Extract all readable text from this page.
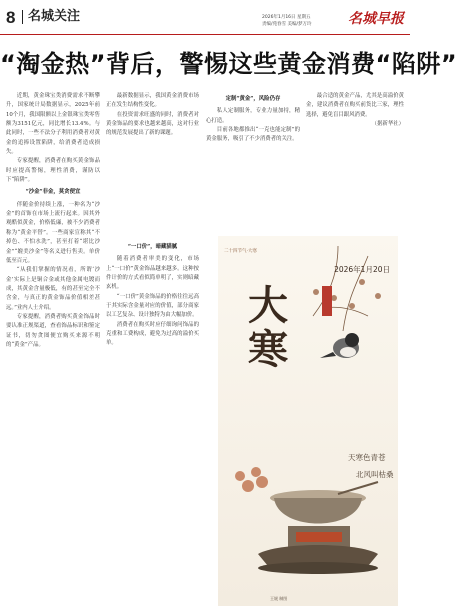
8 名城关注	2026年1月16日 星期五
责编/苑春雪 美编/梦万玲	名城早报
“淘金热”背后，警惕这些黄金消费“陷阱”

近期，黄金珠宝类消费需求不断攀升，国家统计局数据显示，2025年前10个月，我国限额以上金银珠宝类零售额为3151亿元，同比增长13.4%。与此同时，一些不法分子利用消费者对黄金的追捧设置陷阱，给消费者造成损失。

专家提醒，消费者在购买黄金饰品时应提高警惕，理性消费，谨防以下“陷阱”。

“沙金”非金，莫贪便宜

伴随金价持续上涨，一种名为“沙金”的首饰在市场上流行起来。因其外观酷似黄金，价格低廉，被不少消费者称为“黄金平替”。一些商家宣称其“不掉色、不怕水洗”，甚至打着“堪比沙金”“媲美沙金”等名义进行售卖。单价低至百元。

“从我们掌握的情况看，所谓‘沙金’实际上是铜合金或其他金属电镀而成，其黄金含量极低，有的甚至完全不含金，与真正的黄金饰品价值相差甚远。”业内人士介绍。

专家提醒，消费者购买黄金饰品时要认准正规渠道，查看饰品标识和鉴定证书，切勿贪图便宜购买来源不明的“黄金”产品。

最新数据显示，我国黄金消费市场正在发生结构性变化。

在投资需求旺盛的同时，消费者对黄金饰品的要求也越来越高，这对行业的规范发展提出了新的课题。

定制“黄金”，风险仍存

私人定制服务，专业力量加持，精心打造。

目前各地都推出“一克也能定制”的黄金服务，吸引了不少消费者的关注。

最合适的黄金产品，尤其是高溢价黄金，建议消费者在购买前货比三家，理性选择，避免盲目跟风消费。

（据新华社）

“一口价”，暗藏猫腻

随着消费者审美的变化，市场上“一口价”黄金饰品越来越多。这种按件计价的方式看似简单明了，实则暗藏玄机。

“一口价”黄金饰品的价格往往远高于其实际含金量对应的价值，部分商家以工艺复杂、设计独特为由大幅加价。

消费者在购买时应仔细询问饰品的克重和工费构成，避免为过高的溢价买单。

二十四节气·大寒
2026年1月20日
大寒
天寒色青苍
北风叫枯桑
王媛 制图
